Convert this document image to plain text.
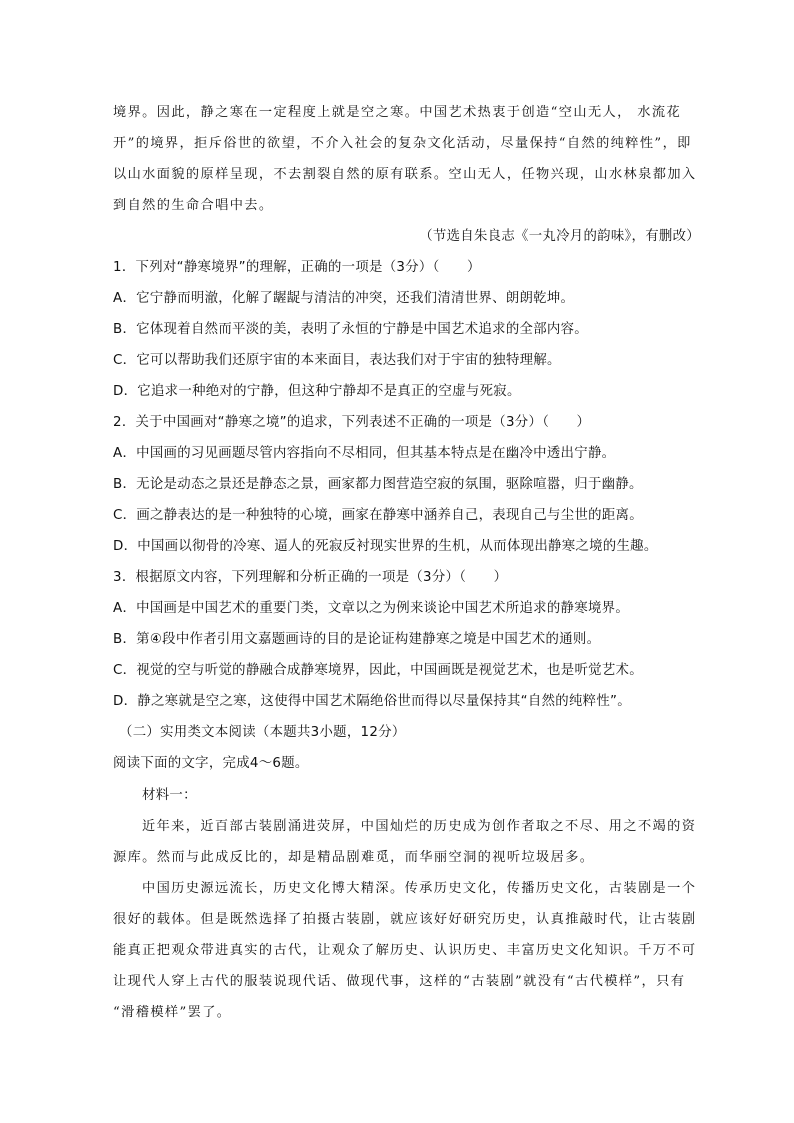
境界。因此，静之寒在一定程度上就是空之寒。中国艺术热衷于创造“空山无人， 水流花
开”的境界，拒斥俗世的欲望，不介入社会的复杂文化活动，尽量保持“自然的纯粹性”，即
以山水面貌的原样呈现，不去割裂自然的原有联系。空山无人，任物兴现，山水林泉都加入
到自然的生命合唱中去。
（节选自朱良志《一丸冷月的韵味》，有删改）
1．下列对“静寒境界”的理解，正确的一项是（3分）（　　）
A．它宁静而明澈，化解了龌龊与清洁的冲突，还我们清清世界、朗朗乾坤。
B．它体现着自然而平淡的美，表明了永恒的宁静是中国艺术追求的全部内容。
C．它可以帮助我们还原宇宙的本来面目，表达我们对于宇宙的独特理解。
D．它追求一种绝对的宁静，但这种宁静却不是真正的空虚与死寂。
2．关于中国画对“静寒之境”的追求，下列表述不正确的一项是（3分）（　　）
A．中国画的习见画题尽管内容指向不尽相同，但其基本特点是在幽冷中透出宁静。
B．无论是动态之景还是静态之景，画家都力图营造空寂的氛围，驱除喧嚣，归于幽静。
C．画之静表达的是一种独特的心境，画家在静寒中涵养自己，表现自己与尘世的距离。
D．中国画以彻骨的冷寒、逼人的死寂反衬现实世界的生机，从而体现出静寒之境的生趣。
3．根据原文内容，下列理解和分析正确的一项是（3分）（　　）
A．中国画是中国艺术的重要门类，文章以之为例来谈论中国艺术所追求的静寒境界。
B．第④段中作者引用文嘉题画诗的目的是论证构建静寒之境是中国艺术的通则。
C．视觉的空与听觉的静融合成静寒境界，因此，中国画既是视觉艺术，也是听觉艺术。
D．静之寒就是空之寒，这使得中国艺术隔绝俗世而得以尽量保持其“自然的纯粹性”。
（二）实用类文本阅读（本题共3小题，12分）
阅读下面的文字，完成4～6题。
材料一：
近年来，近百部古装剧涌进荧屏，中国灿烂的历史成为创作者取之不尽、用之不竭的资
源库。然而与此成反比的，却是精品剧难觅，而华丽空洞的视听垃圾居多。
中国历史源远流长，历史文化博大精深。传承历史文化，传播历史文化，古装剧是一个
很好的载体。但是既然选择了拍摄古装剧，就应该好好研究历史，认真推敲时代，让古装剧
能真正把观众带进真实的古代，让观众了解历史、认识历史、丰富历史文化知识。千万不可
让现代人穿上古代的服装说现代话、做现代事，这样的“古装剧”就没有“古代模样”，只有
“滑稽模样”罢了。
